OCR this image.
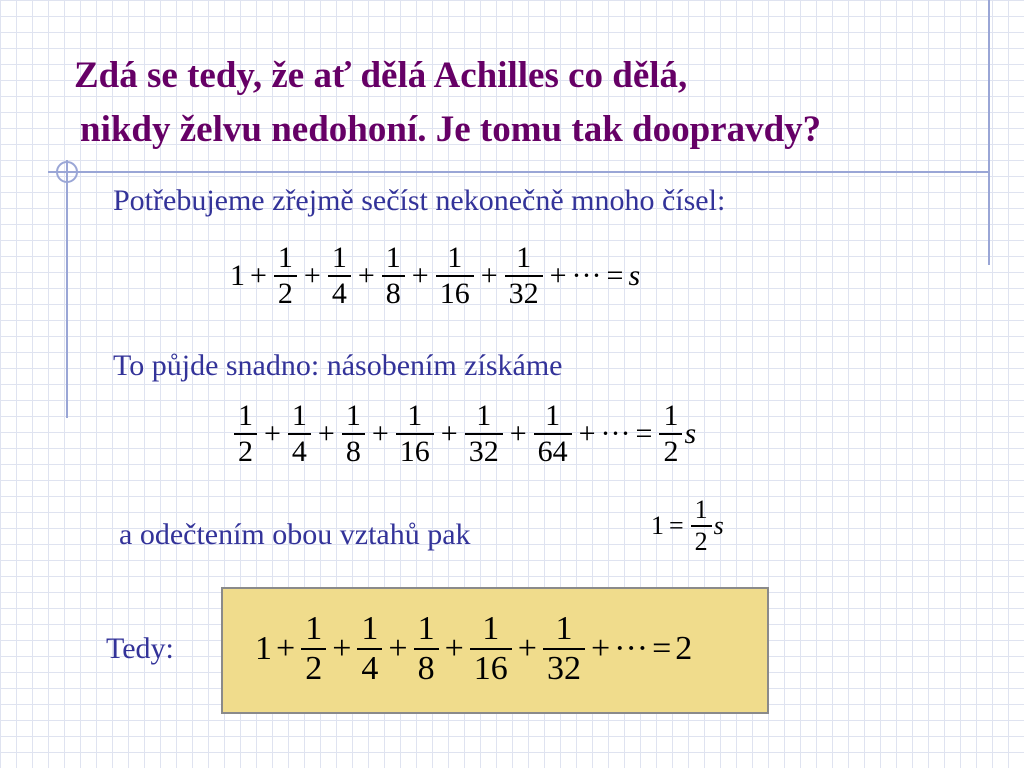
Zdá se tedy, že ať dělá Achilles co dělá,
nikdy želvu nedohoní. Je tomu tak doopravdy?
Potřebujeme zřejmě sečíst nekonečně mnoho čísel:
$1 + \frac{1}{2} + \frac{1}{4} + \frac{1}{8} + \frac{1}{16} + \frac{1}{32}$ + ··· = s
To půjde snadno: násobením získáme
$\frac{1}{2} + \frac{1}{4} + \frac{1}{8} + \frac{1}{16} + \frac{1}{32} + \frac{1}{64}$ + ··· = $\frac{1}{2}$ s
a odečtením obou vztahů pak	$1 = \frac{1}{2}$ s
Tedy: $1 + \frac{1}{2} + \frac{1}{4} + \frac{1}{8} + \frac{1}{16} + \frac{1}{32}$ + ··· = 2
